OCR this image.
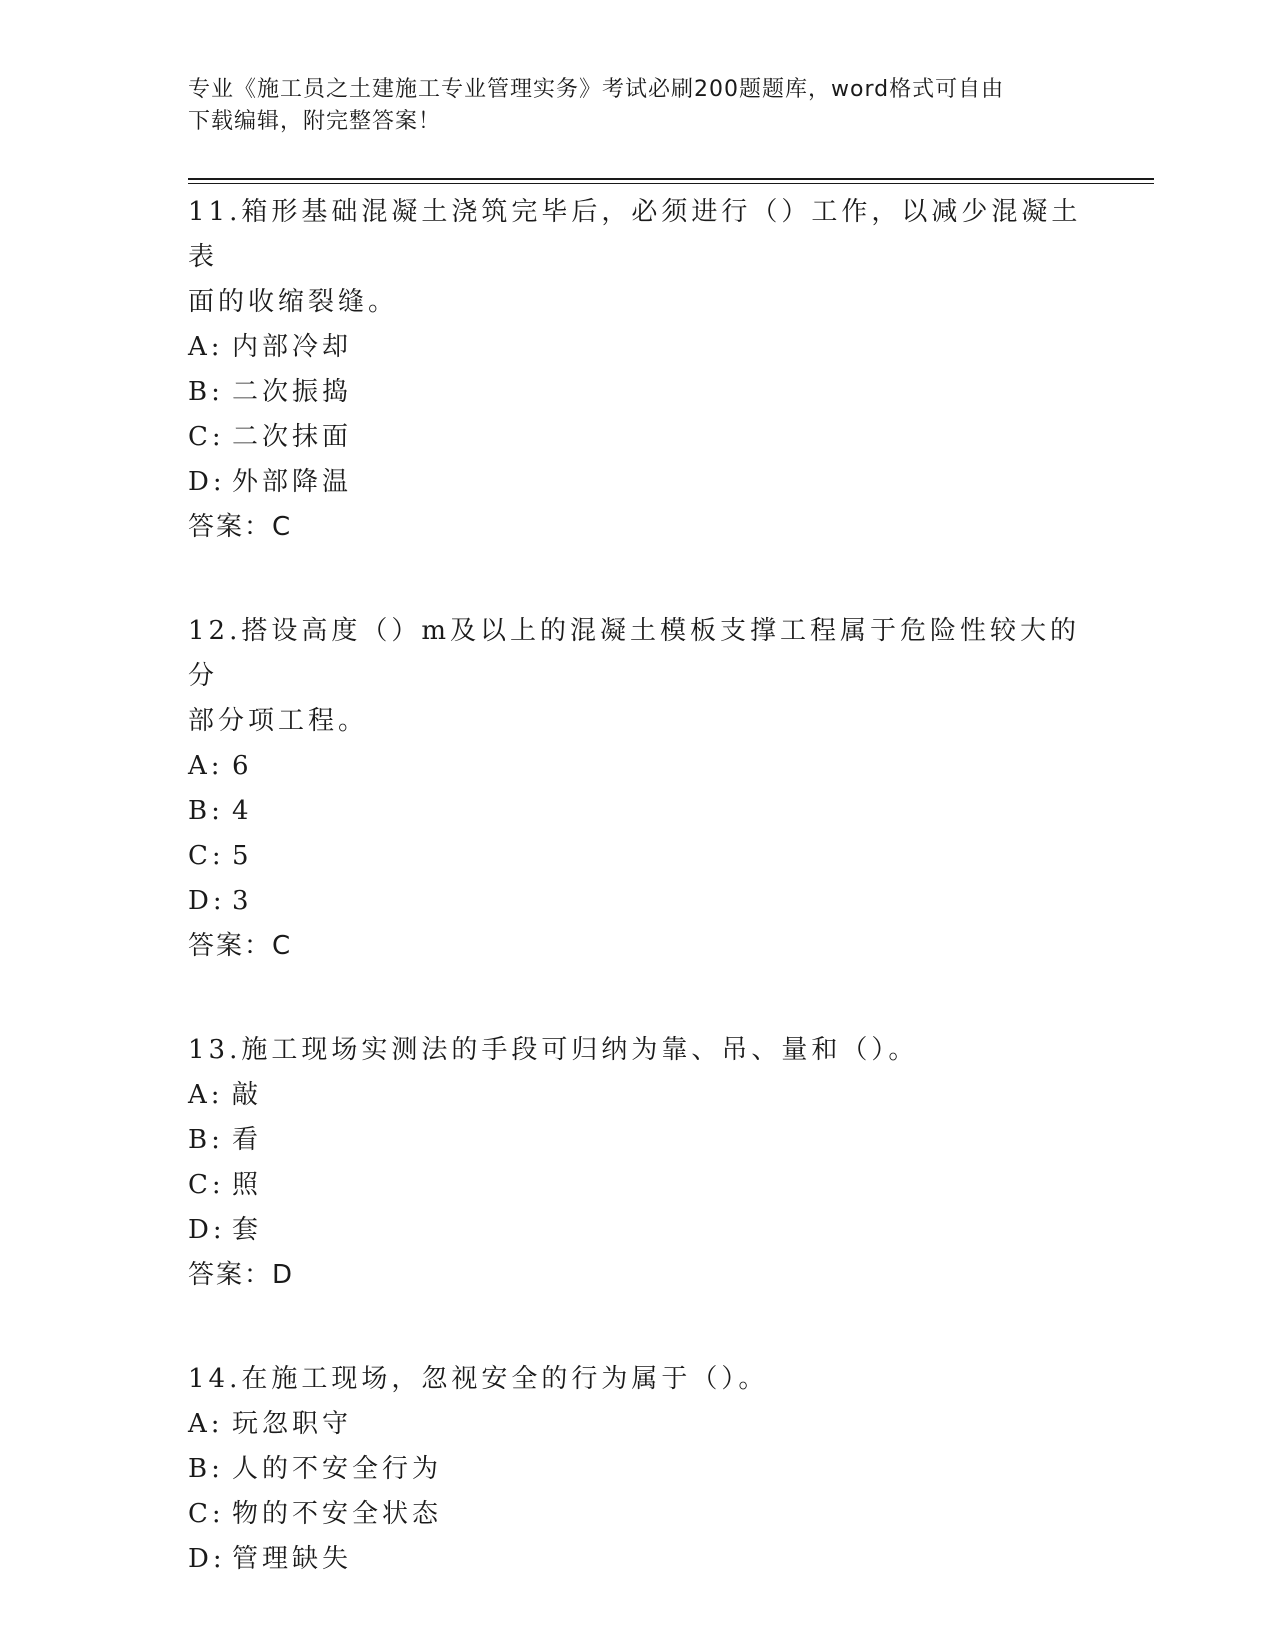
专业《施工员之土建施工专业管理实务》考试必刷200题题库，word格式可自由
下载编辑，附完整答案！

11.箱形基础混凝土浇筑完毕后，必须进行（）工作，以减少混凝土表

面的收缩裂缝。

A: 内部冷却

B: 二次振捣

C: 二次抹面

D: 外部降温

答案：C

12.搭设高度（）m及以上的混凝土模板支撑工程属于危险性较大的分

部分项工程。

A: 6

B: 4

C: 5

D: 3

答案：C

13.施工现场实测法的手段可归纳为靠、吊、量和（）。

A: 敲

B: 看

C: 照

D: 套

答案：D

14.在施工现场，忽视安全的行为属于（）。

A: 玩忽职守

B: 人的不安全行为

C: 物的不安全状态

D: 管理缺失
